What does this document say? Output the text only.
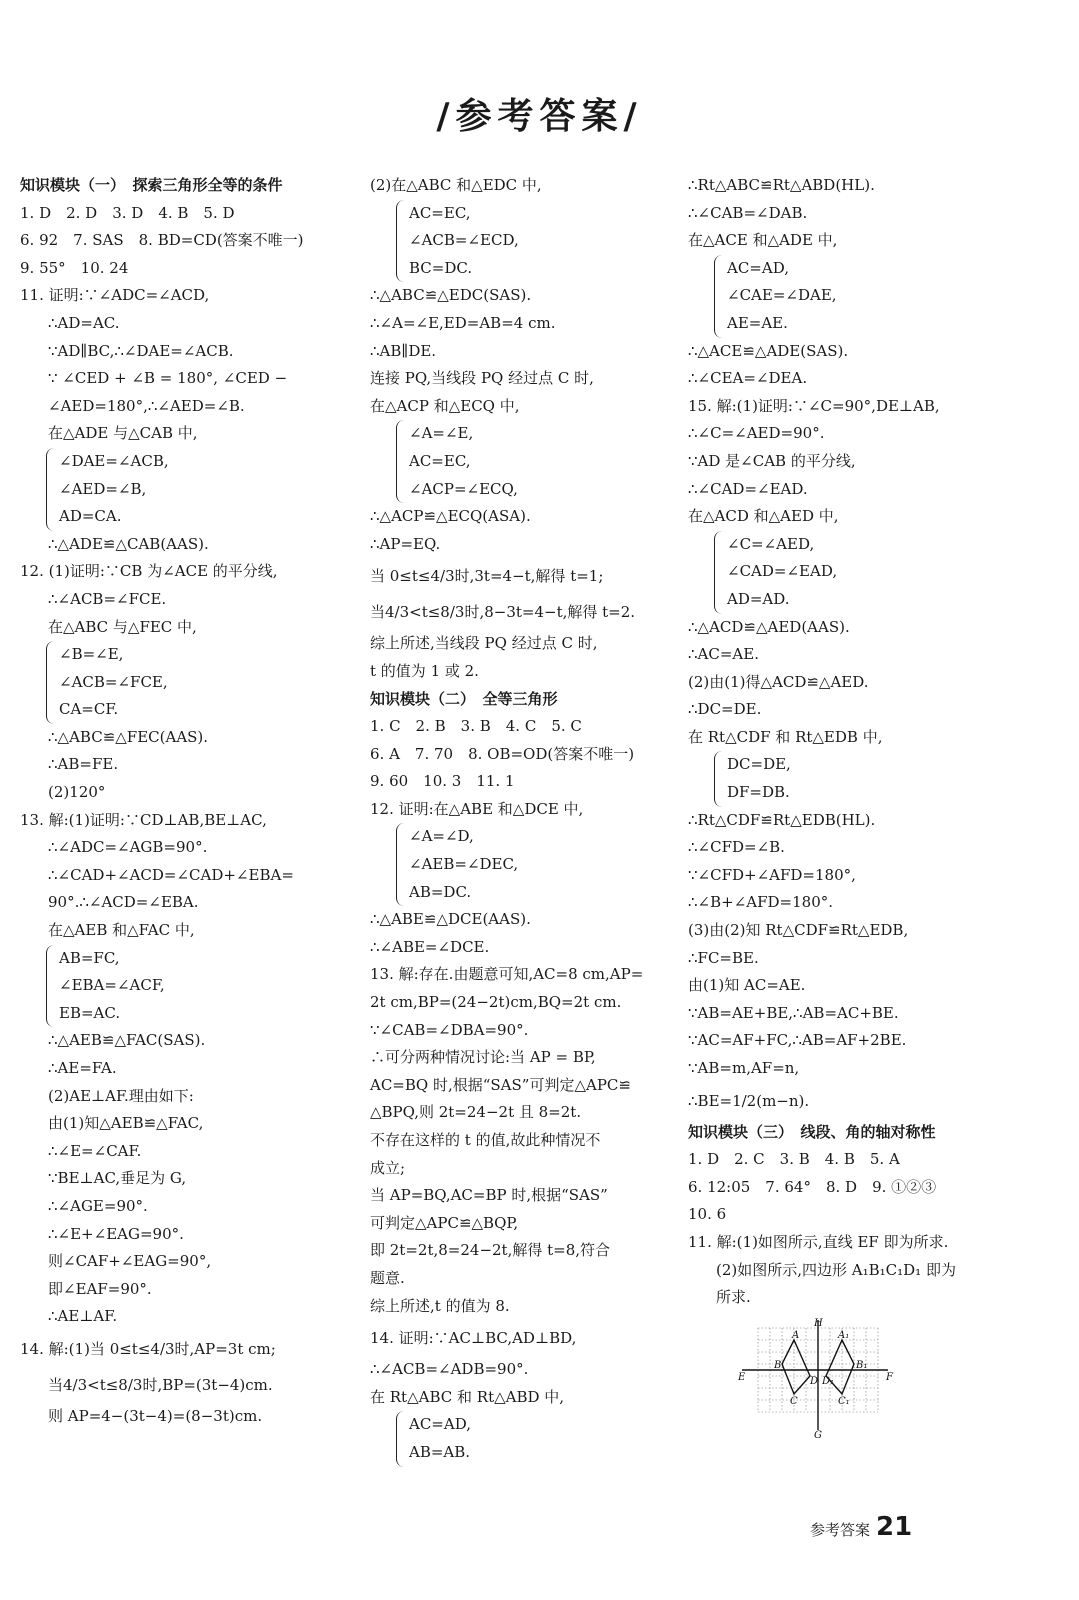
/参考答案/
知识模块（一）　探索三角形全等的条件
1. D　2. D　3. D　4. B　5. D
6. 92　7. SAS　8. BD=CD(答案不唯一)
9. 55°　10. 24
11. 证明:∵∠ADC=∠ACD,
∴AD=AC.
∵AD∥BC,∴∠DAE=∠ACB.
∵ ∠CED + ∠B = 180°, ∠CED −
∠AED=180°,∴∠AED=∠B.
在△ADE 与△CAB 中,
∠DAE=∠ACB,
∠AED=∠B,
AD=CA.
∴△ADE≌△CAB(AAS).
12. (1)证明:∵CB 为∠ACE 的平分线,
∴∠ACB=∠FCE.
在△ABC 与△FEC 中,
∠B=∠E,
∠ACB=∠FCE,
CA=CF.
∴△ABC≌△FEC(AAS).
∴AB=FE.
(2)120°
13. 解:(1)证明:∵CD⊥AB,BE⊥AC,
∴∠ADC=∠AGB=90°.
∴∠CAD+∠ACD=∠CAD+∠EBA=
90°.∴∠ACD=∠EBA.
在△AEB 和△FAC 中,
AB=FC,
∠EBA=∠ACF,
EB=AC.
∴△AEB≌△FAC(SAS).
∴AE=FA.
(2)AE⊥AF.理由如下:
由(1)知△AEB≌△FAC,
∴∠E=∠CAF.
∵BE⊥AC,垂足为 G,
∴∠AGE=90°.
∴∠E+∠EAG=90°.
则∠CAF+∠EAG=90°,
即∠EAF=90°.
∴AE⊥AF.
14. 解:(1)当 0≤t≤4/3时,AP=3t cm;
当4/3<t≤8/3时,BP=(3t−4)cm.
则 AP=4−(3t−4)=(8−3t)cm.
(2)在△ABC 和△EDC 中,
AC=EC,
∠ACB=∠ECD,
BC=DC.
∴△ABC≌△EDC(SAS).
∴∠A=∠E,ED=AB=4 cm.
∴AB∥DE.
连接 PQ,当线段 PQ 经过点 C 时,
在△ACP 和△ECQ 中,
∠A=∠E,
AC=EC,
∠ACP=∠ECQ,
∴△ACP≌△ECQ(ASA).
∴AP=EQ.
当 0≤t≤4/3时,3t=4−t,解得 t=1;
当4/3<t≤8/3时,8−3t=4−t,解得 t=2.
综上所述,当线段 PQ 经过点 C 时,
t 的值为 1 或 2.
知识模块（二）　全等三角形
1. C　2. B　3. B　4. C　5. C
6. A　7. 70　8. OB=OD(答案不唯一)
9. 60　10. 3　11. 1
12. 证明:在△ABE 和△DCE 中,
∠A=∠D,
∠AEB=∠DEC,
AB=DC.
∴△ABE≌△DCE(AAS).
∴∠ABE=∠DCE.
13. 解:存在.由题意可知,AC=8 cm,AP=
2t cm,BP=(24−2t)cm,BQ=2t cm.
∵∠CAB=∠DBA=90°.
∴可分两种情况讨论:当 AP = BP,
AC=BQ 时,根据“SAS”可判定△APC≌
△BPQ,则 2t=24−2t 且 8=2t.
不存在这样的 t 的值,故此种情况不
成立;
当 AP=BQ,AC=BP 时,根据“SAS”
可判定△APC≌△BQP,
即 2t=2t,8=24−2t,解得 t=8,符合
题意.
综上所述,t 的值为 8.
14. 证明:∵AC⊥BC,AD⊥BD,
∴∠ACB=∠ADB=90°.
在 Rt△ABC 和 Rt△ABD 中,
AC=AD,
AB=AB.
∴Rt△ABC≌Rt△ABD(HL).
∴∠CAB=∠DAB.
在△ACE 和△ADE 中,
AC=AD,
∠CAE=∠DAE,
AE=AE.
∴△ACE≌△ADE(SAS).
∴∠CEA=∠DEA.
15. 解:(1)证明:∵∠C=90°,DE⊥AB,
∴∠C=∠AED=90°.
∵AD 是∠CAB 的平分线,
∴∠CAD=∠EAD.
在△ACD 和△AED 中,
∠C=∠AED,
∠CAD=∠EAD,
AD=AD.
∴△ACD≌△AED(AAS).
∴AC=AE.
(2)由(1)得△ACD≌△AED.
∴DC=DE.
在 Rt△CDF 和 Rt△EDB 中,
DC=DE,
DF=DB.
∴Rt△CDF≌Rt△EDB(HL).
∴∠CFD=∠B.
∵∠CFD+∠AFD=180°,
∴∠B+∠AFD=180°.
(3)由(2)知 Rt△CDF≌Rt△EDB,
∴FC=BE.
由(1)知 AC=AE.
∵AB=AE+BE,∴AB=AC+BE.
∵AC=AF+FC,∴AB=AF+2BE.
∵AB=m,AF=n,
∴BE=1/2(m−n).
知识模块（三）　线段、角的轴对称性
1. D　2. C　3. B　4. B　5. A
6. 12:05　7. 64°　8. D　9. ①②③
10. 6
11. 解:(1)如图所示,直线 EF 即为所求.
(2)如图所示,四边形 A₁B₁C₁D₁ 即为
所求.
H
G
E	F
A
B
C
D
A₁
B₁
C₁
D₁
参考答案 21
